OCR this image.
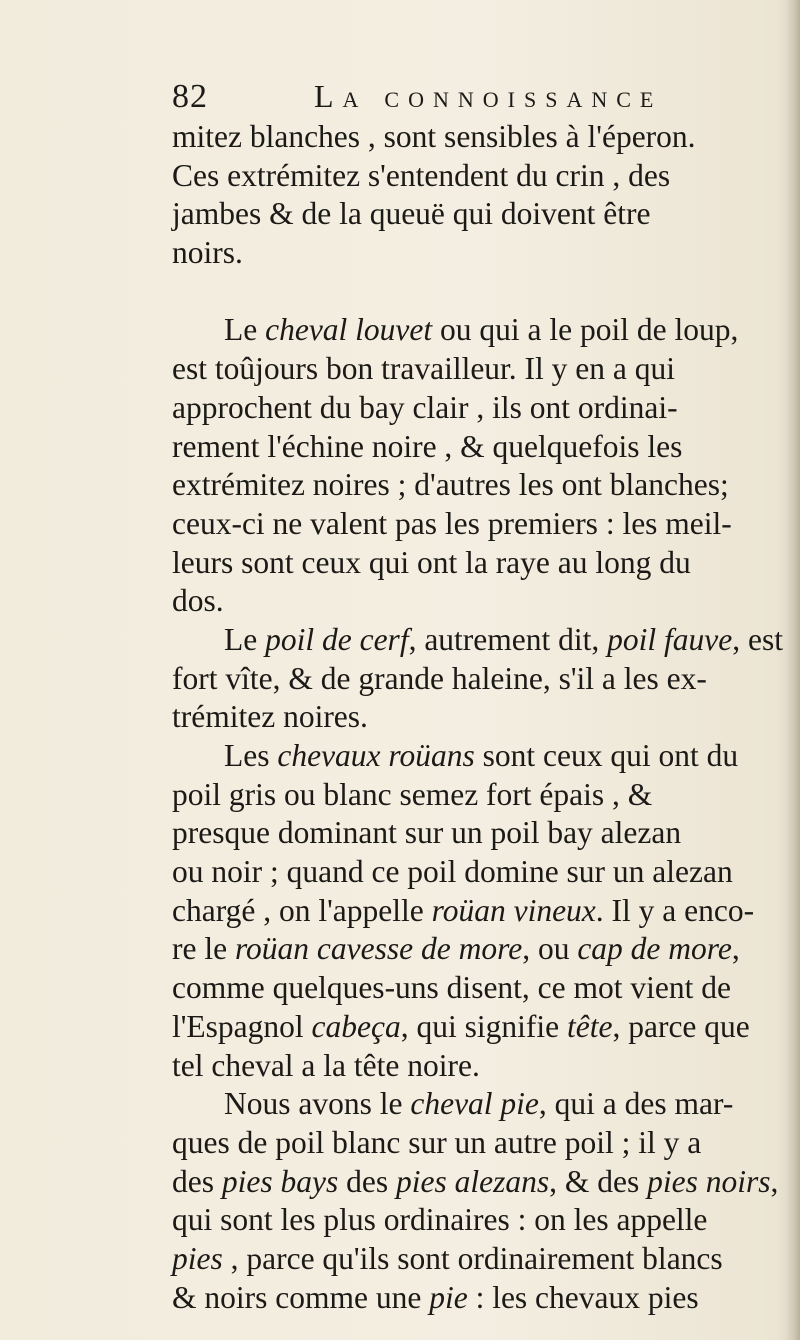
82	La connoissance
mitez blanches , sont sensibles à l'éperon.
Ces extrémitez s'entendent du crin , des
jambes & de la queuë qui doivent être
noirs.
Le cheval louvet ou qui a le poil de loup,
est toûjours bon travailleur. Il y en a qui
approchent du bay clair , ils ont ordinai-
rement l'échine noire , & quelquefois les
extrémitez noires ; d'autres les ont blanches;
ceux-ci ne valent pas les premiers : les meil-
leurs sont ceux qui ont la raye au long du
dos.
Le poil de cerf, autrement dit, poil fauve, est
fort vîte, & de grande haleine, s'il a les ex-
trémitez noires.
Les chevaux roüans sont ceux qui ont du
poil gris ou blanc semez fort épais , &
presque dominant sur un poil bay alezan
ou noir ; quand ce poil domine sur un alezan
chargé , on l'appelle roüan vineux. Il y a enco-
re le roüan cavesse de more, ou cap de more,
comme quelques-uns disent, ce mot vient de
l'Espagnol cabeça, qui signifie tête, parce que
tel cheval a la tête noire.
Nous avons le cheval pie, qui a des mar-
ques de poil blanc sur un autre poil ; il y a
des pies bays des pies alezans, & des pies noirs,
qui sont les plus ordinaires : on les appelle
pies , parce qu'ils sont ordinairement blancs
& noirs comme une pie : les chevaux pies
